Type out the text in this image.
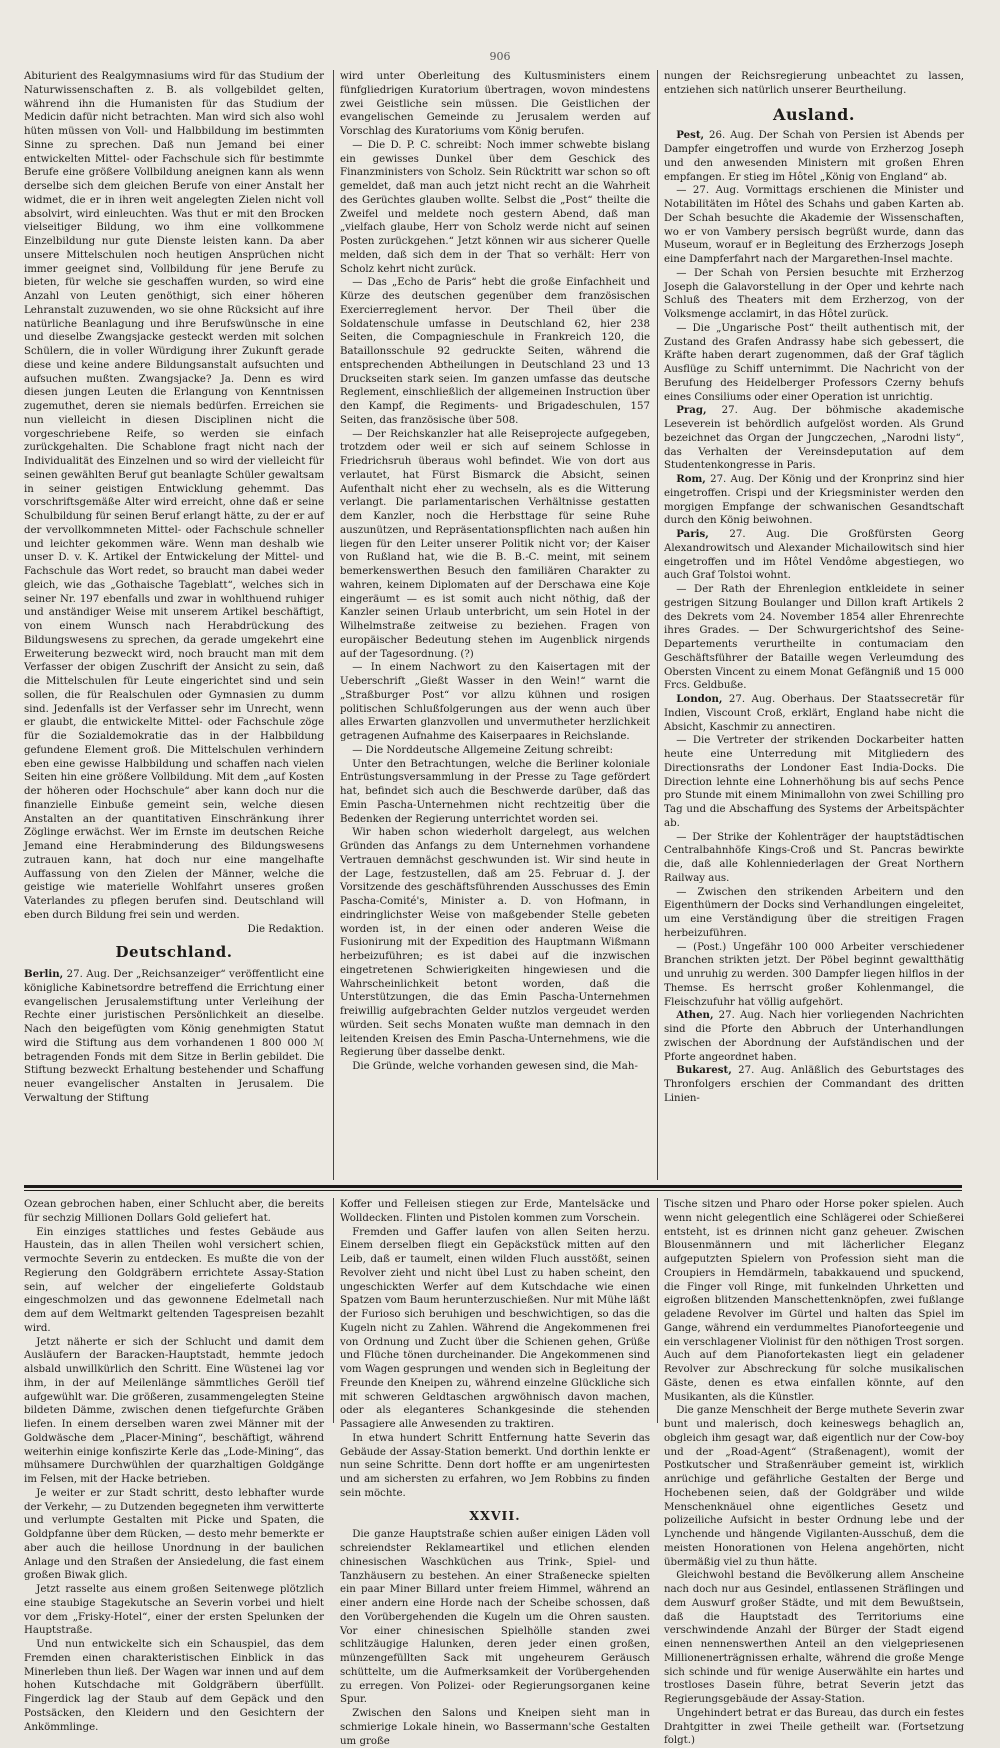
906

Abiturient des Realgymnasiums wird für das Studium der Naturwissenschaften z. B. als vollgebildet gelten, während ihn die Humanisten für das Studium der Medicin dafür nicht betrachten. Man wird sich also wohl hüten müssen von Voll- und Halbbildung im bestimmten Sinne zu sprechen. Daß nun Jemand bei einer entwickelten Mittel- oder Fachschule sich für bestimmte Berufe eine größere Vollbildung aneignen kann als wenn derselbe sich dem gleichen Berufe von einer Anstalt her widmet, die er in ihren weit angelegten Zielen nicht voll absolvirt, wird einleuchten. Was thut er mit den Brocken vielseitiger Bildung, wo ihm eine vollkommene Einzelbildung nur gute Dienste leisten kann. Da aber unsere Mittelschulen noch heutigen Ansprüchen nicht immer geeignet sind, Vollbildung für jene Berufe zu bieten, für welche sie geschaffen wurden, so wird eine Anzahl von Leuten genöthigt, sich einer höheren Lehranstalt zuzuwenden, wo sie ohne Rücksicht auf ihre natürliche Beanlagung und ihre Berufswünsche in eine und dieselbe Zwangsjacke gesteckt werden mit solchen Schülern, die in voller Würdigung ihrer Zukunft gerade diese und keine andere Bildungsanstalt aufsuchten und aufsuchen mußten. Zwangsjacke? Ja. Denn es wird diesen jungen Leuten die Erlangung von Kenntnissen zugemuthet, deren sie niemals bedürfen. Erreichen sie nun vielleicht in diesen Disciplinen nicht die vorgeschriebene Reife, so werden sie einfach zurückgehalten. Die Schablone fragt nicht nach der Individualität des Einzelnen und so wird der vielleicht für seinen gewählten Beruf gut beanlagte Schüler gewaltsam in seiner geistigen Entwicklung gehemmt. Das vorschriftsgemäße Alter wird erreicht, ohne daß er seine Schulbildung für seinen Beruf erlangt hätte, zu der er auf der vervollkommneten Mittel- oder Fachschule schneller und leichter gekommen wäre. Wenn man deshalb wie unser D. v. K. Artikel der Entwickelung der Mittel- und Fachschule das Wort redet, so braucht man dabei weder gleich, wie das „Gothaische Tageblatt“, welches sich in seiner Nr. 197 ebenfalls und zwar in wohlthuend ruhiger und anständiger Weise mit unserem Artikel beschäftigt, von einem Wunsch nach Herabdrückung des Bildungswesens zu sprechen, da gerade umgekehrt eine Erweiterung bezweckt wird, noch braucht man mit dem Verfasser der obigen Zuschrift der Ansicht zu sein, daß die Mittelschulen für Leute eingerichtet sind und sein sollen, die für Realschulen oder Gymnasien zu dumm sind. Jedenfalls ist der Verfasser sehr im Unrecht, wenn er glaubt, die entwickelte Mittel- oder Fachschule zöge für die Sozialdemokratie das in der Halbbildung gefundene Element groß. Die Mittelschulen verhindern eben eine gewisse Halbbildung und schaffen nach vielen Seiten hin eine größere Vollbildung. Mit dem „auf Kosten der höheren oder Hochschule“ aber kann doch nur die finanzielle Einbuße gemeint sein, welche diesen Anstalten an der quantitativen Einschränkung ihrer Zöglinge erwächst. Wer im Ernste im deutschen Reiche Jemand eine Herabminderung des Bildungswesens zutrauen kann, hat doch nur eine mangelhafte Auffassung von den Zielen der Männer, welche die geistige wie materielle Wohlfahrt unseres großen Vaterlandes zu pflegen berufen sind. Deutschland will eben durch Bildung frei sein und werden.

Die Redaktion.

Deutschland.

Berlin, 27. Aug. Der „Reichsanzeiger“ veröffentlicht eine königliche Kabinetsordre betreffend die Errichtung einer evangelischen Jerusalemstiftung unter Verleihung der Rechte einer juristischen Persönlichkeit an dieselbe. Nach den beigefügten vom König genehmigten Statut wird die Stiftung aus dem vorhandenen 1 800 000 ℳ betragenden Fonds mit dem Sitze in Berlin gebildet. Die Stiftung bezweckt Erhaltung bestehender und Schaffung neuer evangelischer Anstalten in Jerusalem. Die Verwaltung der Stiftung

wird unter Oberleitung des Kultusministers einem fünfgliedrigen Kuratorium übertragen, wovon mindestens zwei Geistliche sein müssen. Die Geistlichen der evangelischen Gemeinde zu Jerusalem werden auf Vorschlag des Kuratoriums vom König berufen.

— Die D. P. C. schreibt: Noch immer schwebte bislang ein gewisses Dunkel über dem Geschick des Finanzministers von Scholz. Sein Rücktritt war schon so oft gemeldet, daß man auch jetzt nicht recht an die Wahrheit des Gerüchtes glauben wollte. Selbst die „Post“ theilte die Zweifel und meldete noch gestern Abend, daß man „vielfach glaube, Herr von Scholz werde nicht auf seinen Posten zurückgehen.“ Jetzt können wir aus sicherer Quelle melden, daß sich dem in der That so verhält: Herr von Scholz kehrt nicht zurück.

— Das „Echo de Paris“ hebt die große Einfachheit und Kürze des deutschen gegenüber dem französischen Exercierreglement hervor. Der Theil über die Soldatenschule umfasse in Deutschland 62, hier 238 Seiten, die Compagnieschule in Frankreich 120, die Bataillonsschule 92 gedruckte Seiten, während die entsprechenden Abtheilungen in Deutschland 23 und 13 Druckseiten stark seien. Im ganzen umfasse das deutsche Reglement, einschließlich der allgemeinen Instruction über den Kampf, die Regiments- und Brigadeschulen, 157 Seiten, das französische über 508.

— Der Reichskanzler hat alle Reiseprojecte aufgegeben, trotzdem oder weil er sich auf seinem Schlosse in Friedrichsruh überaus wohl befindet. Wie von dort aus verlautet, hat Fürst Bismarck die Absicht, seinen Aufenthalt nicht eher zu wechseln, als es die Witterung verlangt. Die parlamentarischen Verhältnisse gestatten dem Kanzler, noch die Herbsttage für seine Ruhe auszunützen, und Repräsentationspflichten nach außen hin liegen für den Leiter unserer Politik nicht vor; der Kaiser von Rußland hat, wie die B. B.-C. meint, mit seinem bemerkenswerthen Besuch den familiären Charakter zu wahren, keinem Diplomaten auf der Derschawa eine Koje eingeräumt — es ist somit auch nicht nöthig, daß der Kanzler seinen Urlaub unterbricht, um sein Hotel in der Wilhelmstraße zeitweise zu beziehen. Fragen von europäischer Bedeutung stehen im Augenblick nirgends auf der Tagesordnung. (?)

— In einem Nachwort zu den Kaisertagen mit der Ueberschrift „Gießt Wasser in den Wein!“ warnt die „Straßburger Post“ vor allzu kühnen und rosigen politischen Schlußfolgerungen aus der wenn auch über alles Erwarten glanzvollen und unvermutheter herzlichkeit getragenen Aufnahme des Kaiserpaares in Reichslande.

— Die Norddeutsche Allgemeine Zeitung schreibt:

Unter den Betrachtungen, welche die Berliner koloniale Entrüstungsversammlung in der Presse zu Tage gefördert hat, befindet sich auch die Beschwerde darüber, daß das Emin Pascha-Unternehmen nicht rechtzeitig über die Bedenken der Regierung unterrichtet worden sei.

Wir haben schon wiederholt dargelegt, aus welchen Gründen das Anfangs zu dem Unternehmen vorhandene Vertrauen demnächst geschwunden ist. Wir sind heute in der Lage, festzustellen, daß am 25. Februar d. J. der Vorsitzende des geschäftsführenden Ausschusses des Emin Pascha-Comité's, Minister a. D. von Hofmann, in eindringlichster Weise von maßgebender Stelle gebeten worden ist, in der einen oder anderen Weise die Fusionirung mit der Expedition des Hauptmann Wißmann herbeizuführen; es ist dabei auf die inzwischen eingetretenen Schwierigkeiten hingewiesen und die Wahrscheinlichkeit betont worden, daß die Unterstützungen, die das Emin Pascha-Unternehmen freiwillig aufgebrachten Gelder nutzlos vergeudet werden würden. Seit sechs Monaten wußte man demnach in den leitenden Kreisen des Emin Pascha-Unternehmens, wie die Regierung über dasselbe denkt.

Die Gründe, welche vorhanden gewesen sind, die Mah-

nungen der Reichsregierung unbeachtet zu lassen, entziehen sich natürlich unserer Beurtheilung.

Ausland.

Pest, 26. Aug. Der Schah von Persien ist Abends per Dampfer eingetroffen und wurde von Erzherzog Joseph und den anwesenden Ministern mit großen Ehren empfangen. Er stieg im Hôtel „König von England“ ab.

— 27. Aug. Vormittags erschienen die Minister und Notabilitäten im Hôtel des Schahs und gaben Karten ab. Der Schah besuchte die Akademie der Wissenschaften, wo er von Vambery persisch begrüßt wurde, dann das Museum, worauf er in Begleitung des Erzherzogs Joseph eine Dampferfahrt nach der Margarethen-Insel machte.

— Der Schah von Persien besuchte mit Erzherzog Joseph die Galavorstellung in der Oper und kehrte nach Schluß des Theaters mit dem Erzherzog, von der Volksmenge acclamirt, in das Hôtel zurück.

— Die „Ungarische Post“ theilt authentisch mit, der Zustand des Grafen Andrassy habe sich gebessert, die Kräfte haben derart zugenommen, daß der Graf täglich Ausflüge zu Schiff unternimmt. Die Nachricht von der Berufung des Heidelberger Professors Czerny behufs eines Consiliums oder einer Operation ist unrichtig.

Prag, 27. Aug. Der böhmische akademische Leseverein ist behördlich aufgelöst worden. Als Grund bezeichnet das Organ der Jungczechen, „Narodni listy“, das Verhalten der Vereinsdeputation auf dem Studentenkongresse in Paris.

Rom, 27. Aug. Der König und der Kronprinz sind hier eingetroffen. Crispi und der Kriegsminister werden den morgigen Empfange der schwanischen Gesandtschaft durch den König beiwohnen.

Paris, 27. Aug. Die Großfürsten Georg Alexandrowitsch und Alexander Michailowitsch sind hier eingetroffen und im Hôtel Vendôme abgestiegen, wo auch Graf Tolstoi wohnt.

— Der Rath der Ehrenlegion entkleidete in seiner gestrigen Sitzung Boulanger und Dillon kraft Artikels 2 des Dekrets vom 24. November 1854 aller Ehrenrechte ihres Grades. — Der Schwurgerichtshof des Seine-Departements verurtheilte in contumaciam den Geschäftsführer der Bataille wegen Verleumdung des Obersten Vincent zu einem Monat Gefängniß und 15 000 Frcs. Geldbuße.

London, 27. Aug. Oberhaus. Der Staatssecretär für Indien, Viscount Croß, erklärt, England habe nicht die Absicht, Kaschmir zu annectiren.

— Die Vertreter der strikenden Dockarbeiter hatten heute eine Unterredung mit Mitgliedern des Directionsraths der Londoner East India-Docks. Die Direction lehnte eine Lohnerhöhung bis auf sechs Pence pro Stunde mit einem Minimallohn von zwei Schilling pro Tag und die Abschaffung des Systems der Arbeitspächter ab.

— Der Strike der Kohlenträger der hauptstädtischen Centralbahnhöfe Kings-Croß und St. Pancras bewirkte die, daß alle Kohlenniederlagen der Great Northern Railway aus.

— Zwischen den strikenden Arbeitern und den Eigenthümern der Docks sind Verhandlungen eingeleitet, um eine Verständigung über die streitigen Fragen herbeizuführen.

— (Post.) Ungefähr 100 000 Arbeiter verschiedener Branchen strikten jetzt. Der Pöbel beginnt gewaltthätig und unruhig zu werden. 300 Dampfer liegen hilflos in der Themse. Es herrscht großer Kohlenmangel, die Fleischzufuhr hat völlig aufgehört.

Athen, 27. Aug. Nach hier vorliegenden Nachrichten sind die Pforte den Abbruch der Unterhandlungen zwischen der Abordnung der Aufständischen und der Pforte angeordnet haben.

Bukarest, 27. Aug. Anläßlich des Geburtstages des Thronfolgers erschien der Commandant des dritten Linien-

Ozean gebrochen haben, einer Schlucht aber, die bereits für sechzig Millionen Dollars Gold geliefert hat.

Ein einziges stattliches und festes Gebäude aus Haustein, das in allen Theilen wohl versichert schien, vermochte Severin zu entdecken. Es mußte die von der Regierung den Goldgräbern errichtete Assay-Station sein, auf welcher der eingelieferte Goldstaub eingeschmolzen und das gewonnene Edelmetall nach dem auf dem Weltmarkt geltenden Tagespreisen bezahlt wird.

Jetzt näherte er sich der Schlucht und damit dem Ausläufern der Baracken-Hauptstadt, hemmte jedoch alsbald unwillkürlich den Schritt. Eine Wüstenei lag vor ihm, in der auf Meilenlänge sämmtliches Geröll tief aufgewühlt war. Die größeren, zusammengelegten Steine bildeten Dämme, zwischen denen tiefgefurchte Gräben liefen. In einem derselben waren zwei Männer mit der Goldwäsche dem „Placer-Mining“, beschäftigt, während weiterhin einige konfiszirte Kerle das „Lode-Mining“, das mühsamere Durchwühlen der quarzhaltigen Goldgänge im Felsen, mit der Hacke betrieben.

Je weiter er zur Stadt schritt, desto lebhafter wurde der Verkehr, — zu Dutzenden begegneten ihm verwitterte und verlumpte Gestalten mit Picke und Spaten, die Goldpfanne über dem Rücken, — desto mehr bemerkte er aber auch die heillose Unordnung in der baulichen Anlage und den Straßen der Ansiedelung, die fast einem großen Biwak glich.

Jetzt rasselte aus einem großen Seitenwege plötzlich eine staubige Stagekutsche an Severin vorbei und hielt vor dem „Frisky-Hotel“, einer der ersten Spelunken der Hauptstraße.

Und nun entwickelte sich ein Schauspiel, das dem Fremden einen charakteristischen Einblick in das Minerleben thun ließ. Der Wagen war innen und auf dem hohen Kutschdache mit Goldgräbern überfüllt. Fingerdick lag der Staub auf dem Gepäck und den Postsäcken, den Kleidern und den Gesichtern der Ankömmlinge.

Koffer und Felleisen stiegen zur Erde, Mantelsäcke und Wolldecken. Flinten und Pistolen kommen zum Vorschein.

Fremden und Gaffer laufen von allen Seiten herzu. Einem derselben fliegt ein Gepäckstück mitten auf den Leib, daß er taumelt, einen wilden Fluch ausstößt, seinen Revolver zieht und nicht übel Lust zu haben scheint, den ungeschickten Werfer auf dem Kutschdache wie einen Spatzen vom Baum herunterzuschießen. Nur mit Mühe läßt der Furioso sich beruhigen und beschwichtigen, so das die Kugeln nicht zu Zahlen. Während die Angekommenen frei von Ordnung und Zucht über die Schienen gehen, Grüße und Flüche tönen durcheinander. Die Angekommenen sind vom Wagen gesprungen und wenden sich in Begleitung der Freunde den Kneipen zu, während einzelne Glückliche sich mit schweren Geldtaschen argwöhnisch davon machen, oder als eleganteres Schankgesinde die stehenden Passagiere alle Anwesenden zu traktiren.

In etwa hundert Schritt Entfernung hatte Severin das Gebäude der Assay-Station bemerkt. Und dorthin lenkte er nun seine Schritte. Denn dort hoffte er am ungenirtesten und am sichersten zu erfahren, wo Jem Robbins zu finden sein möchte.

XXVII.

Die ganze Hauptstraße schien außer einigen Läden voll schreiendster Reklameartikel und etlichen elenden chinesischen Waschküchen aus Trink-, Spiel- und Tanzhäusern zu bestehen. An einer Straßenecke spielten ein paar Miner Billard unter freiem Himmel, während an einer andern eine Horde nach der Scheibe schossen, daß den Vorübergehenden die Kugeln um die Ohren sausten. Vor einer chinesischen Spielhölle standen zwei schlitzäugige Halunken, deren jeder einen großen, münzengefüllten Sack mit ungeheurem Geräusch schüttelte, um die Aufmerksamkeit der Vorübergehenden zu erregen. Von Polizei- oder Regierungsorganen keine Spur.

Zwischen den Salons und Kneipen sieht man in schmierige Lokale hinein, wo Bassermann'sche Gestalten um große

Tische sitzen und Pharo oder Horse poker spielen. Auch wenn nicht gelegentlich eine Schlägerei oder Schießerei entsteht, ist es drinnen nicht ganz geheuer. Zwischen Blousenmännern und mit lächerlicher Eleganz aufgeputzten Spielern von Profession sieht man die Croupiers in Hemdärmeln, tabakkauend und spuckend, die Finger voll Ringe, mit funkelnden Uhrketten und eigroßen blitzenden Manschettenknöpfen, zwei fußlange geladene Revolver im Gürtel und halten das Spiel im Gange, während ein verdummeltes Pianoforteegenie und ein verschlagener Violinist für den nöthigen Trost sorgen. Auch auf dem Pianofortekasten liegt ein geladener Revolver zur Abschreckung für solche musikalischen Gäste, denen es etwa einfallen könnte, auf den Musikanten, als die Künstler.

Die ganze Menschheit der Berge muthete Severin zwar bunt und malerisch, doch keineswegs behaglich an, obgleich ihm gesagt war, daß eigentlich nur der Cow-boy und der „Road-Agent“ (Straßenagent), womit der Postkutscher und Straßenräuber gemeint ist, wirklich anrüchige und gefährliche Gestalten der Berge und Hochebenen seien, daß der Goldgräber und wilde Menschenknäuel ohne eigentliches Gesetz und polizeiliche Aufsicht in bester Ordnung lebe und der Lynchende und hängende Vigilanten-Ausschuß, dem die meisten Honorationen von Helena angehörten, nicht übermäßig viel zu thun hätte.

Gleichwohl bestand die Bevölkerung allem Anscheine nach doch nur aus Gesindel, entlassenen Sträflingen und dem Auswurf großer Städte, und mit dem Bewußtsein, daß die Hauptstadt des Territoriums eine verschwindende Anzahl der Bürger der Stadt eigend einen nennenswerthen Anteil an den vielgepriesenen Millionenerträgnissen erhalte, während die große Menge sich schinde und für wenige Auserwählte ein hartes und trostloses Dasein führe, betrat Severin jetzt das Regierungsgebäude der Assay-Station.

Ungehindert betrat er das Bureau, das durch ein festes Drahtgitter in zwei Theile getheilt war. (Fortsetzung folgt.)
